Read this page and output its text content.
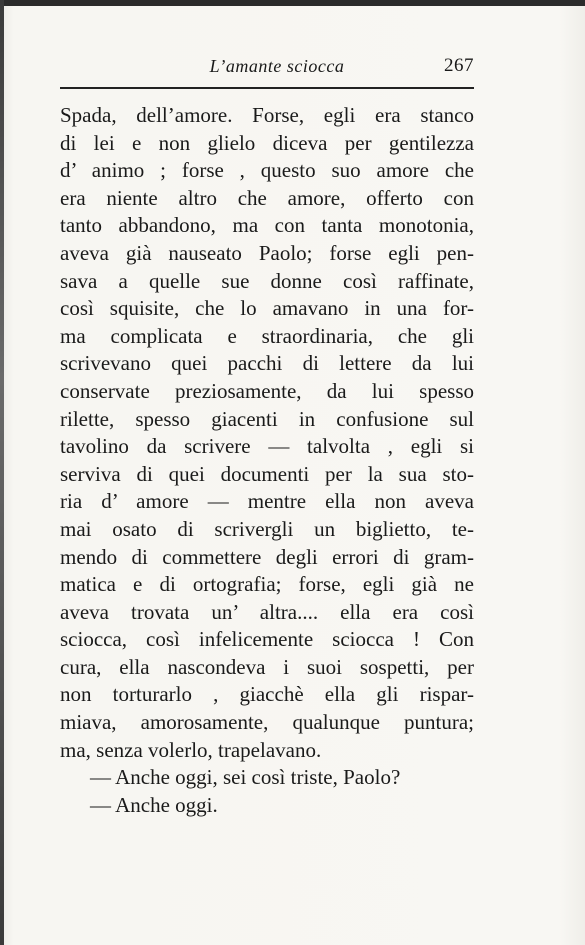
L’amante sciocca	267
Spada, dell’amore. Forse, egli era stanco
di lei e non glielo diceva per gentilezza
d’ animo ; forse , questo suo amore che
era niente altro che amore, offerto con
tanto abbandono, ma con tanta monotonia,
aveva già nauseato Paolo; forse egli pen-
sava a quelle sue donne così raffinate,
così squisite, che lo amavano in una for-
ma complicata e straordinaria, che gli
scrivevano quei pacchi di lettere da lui
conservate preziosamente, da lui spesso
rilette, spesso giacenti in confusione sul
tavolino da scrivere — talvolta , egli si
serviva di quei documenti per la sua sto-
ria d’ amore — mentre ella non aveva
mai osato di scrivergli un biglietto, te-
mendo di commettere degli errori di gram-
matica e di ortografia; forse, egli già ne
aveva trovata un’ altra.... ella era così
sciocca, così infelicemente sciocca ! Con
cura, ella nascondeva i suoi sospetti, per
non torturarlo , giacchè ella gli rispar-
miava, amorosamente, qualunque puntura;
ma, senza volerlo, trapelavano.
— Anche oggi, sei così triste, Paolo?
— Anche oggi.
